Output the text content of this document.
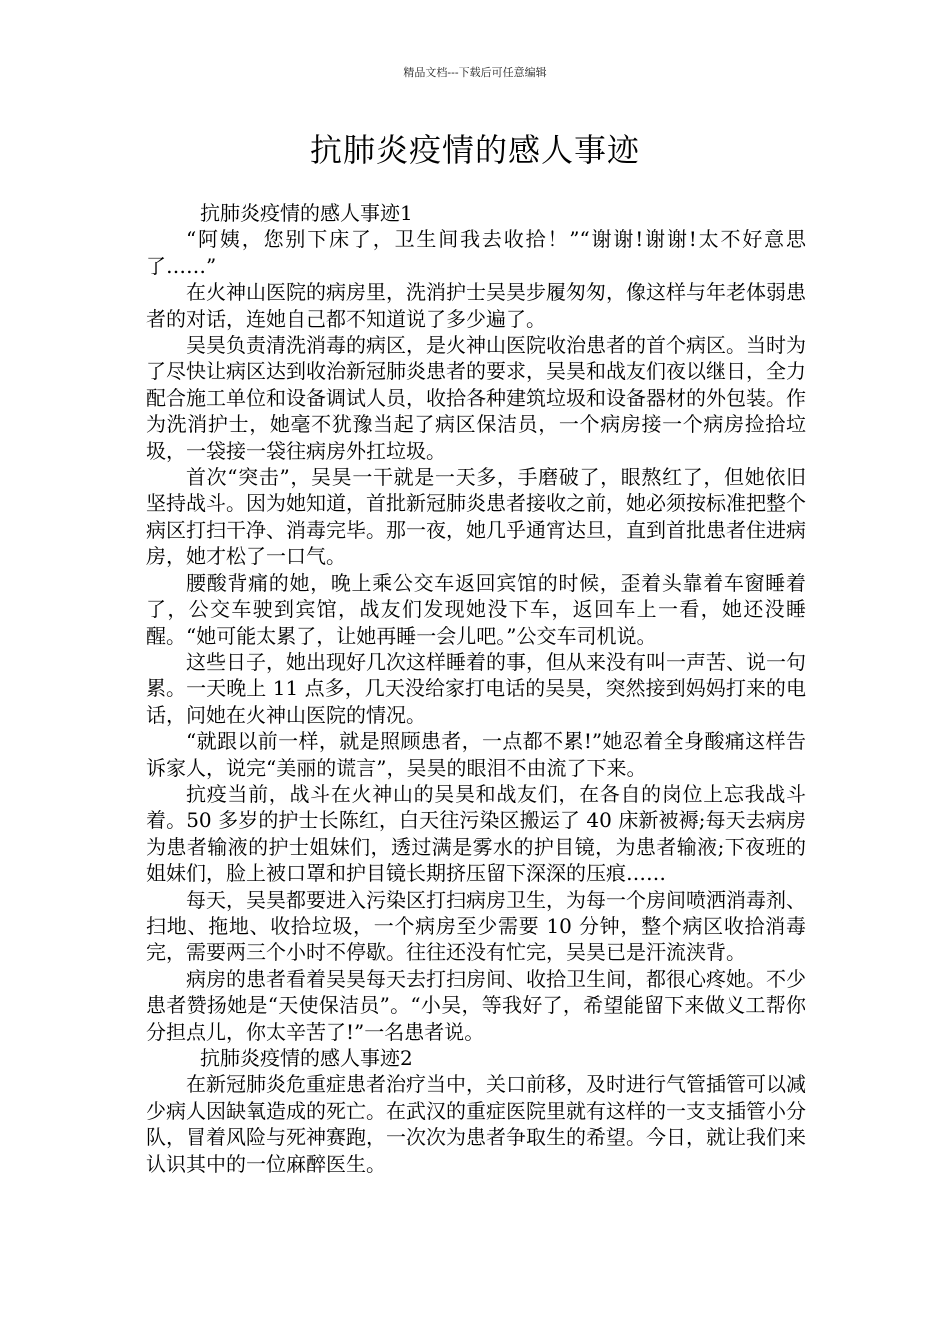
精品文档---下载后可任意编辑
抗肺炎疫情的感人事迹

抗肺炎疫情的感人事迹1

“阿姨，您别下床了，卫生间我去收拾！”“谢谢!谢谢!太不好意思了……”

在火神山医院的病房里，洗消护士吴昊步履匆匆，像这样与年老体弱患者的对话，连她自己都不知道说了多少遍了。

吴昊负责清洗消毒的病区，是火神山医院收治患者的首个病区。当时为了尽快让病区达到收治新冠肺炎患者的要求，吴昊和战友们夜以继日，全力配合施工单位和设备调试人员，收拾各种建筑垃圾和设备器材的外包装。作为洗消护士，她毫不犹豫当起了病区保洁员，一个病房接一个病房捡拾垃圾，一袋接一袋往病房外扛垃圾。

首次“突击”，吴昊一干就是一天多，手磨破了，眼熬红了，但她依旧坚持战斗。因为她知道，首批新冠肺炎患者接收之前，她必须按标准把整个病区打扫干净、消毒完毕。那一夜，她几乎通宵达旦，直到首批患者住进病房，她才松了一口气。

腰酸背痛的她，晚上乘公交车返回宾馆的时候，歪着头靠着车窗睡着了，公交车驶到宾馆，战友们发现她没下车，返回车上一看，她还没睡醒。“她可能太累了，让她再睡一会儿吧。”公交车司机说。

这些日子，她出现好几次这样睡着的事，但从来没有叫一声苦、说一句累。一天晚上 11 点多，几天没给家打电话的吴昊，突然接到妈妈打来的电话，问她在火神山医院的情况。

“就跟以前一样，就是照顾患者，一点都不累!”她忍着全身酸痛这样告诉家人，说完“美丽的谎言”，吴昊的眼泪不由流了下来。

抗疫当前，战斗在火神山的吴昊和战友们，在各自的岗位上忘我战斗着。50 多岁的护士长陈红，白天往污染区搬运了 40 床新被褥;每天去病房为患者输液的护士姐妹们，透过满是雾水的护目镜，为患者输液;下夜班的姐妹们，脸上被口罩和护目镜长期挤压留下深深的压痕……

每天，吴昊都要进入污染区打扫病房卫生，为每一个房间喷洒消毒剂、扫地、拖地、收拾垃圾，一个病房至少需要 10 分钟，整个病区收拾消毒完，需要两三个小时不停歇。往往还没有忙完，吴昊已是汗流浃背。

病房的患者看着吴昊每天去打扫房间、收拾卫生间，都很心疼她。不少患者赞扬她是“天使保洁员”。“小吴，等我好了，希望能留下来做义工帮你分担点儿，你太辛苦了!”一名患者说。

抗肺炎疫情的感人事迹2

在新冠肺炎危重症患者治疗当中，关口前移，及时进行气管插管可以减少病人因缺氧造成的死亡。在武汉的重症医院里就有这样的一支支插管小分队，冒着风险与死神赛跑，一次次为患者争取生的希望。今日，就让我们来认识其中的一位麻醉医生。
